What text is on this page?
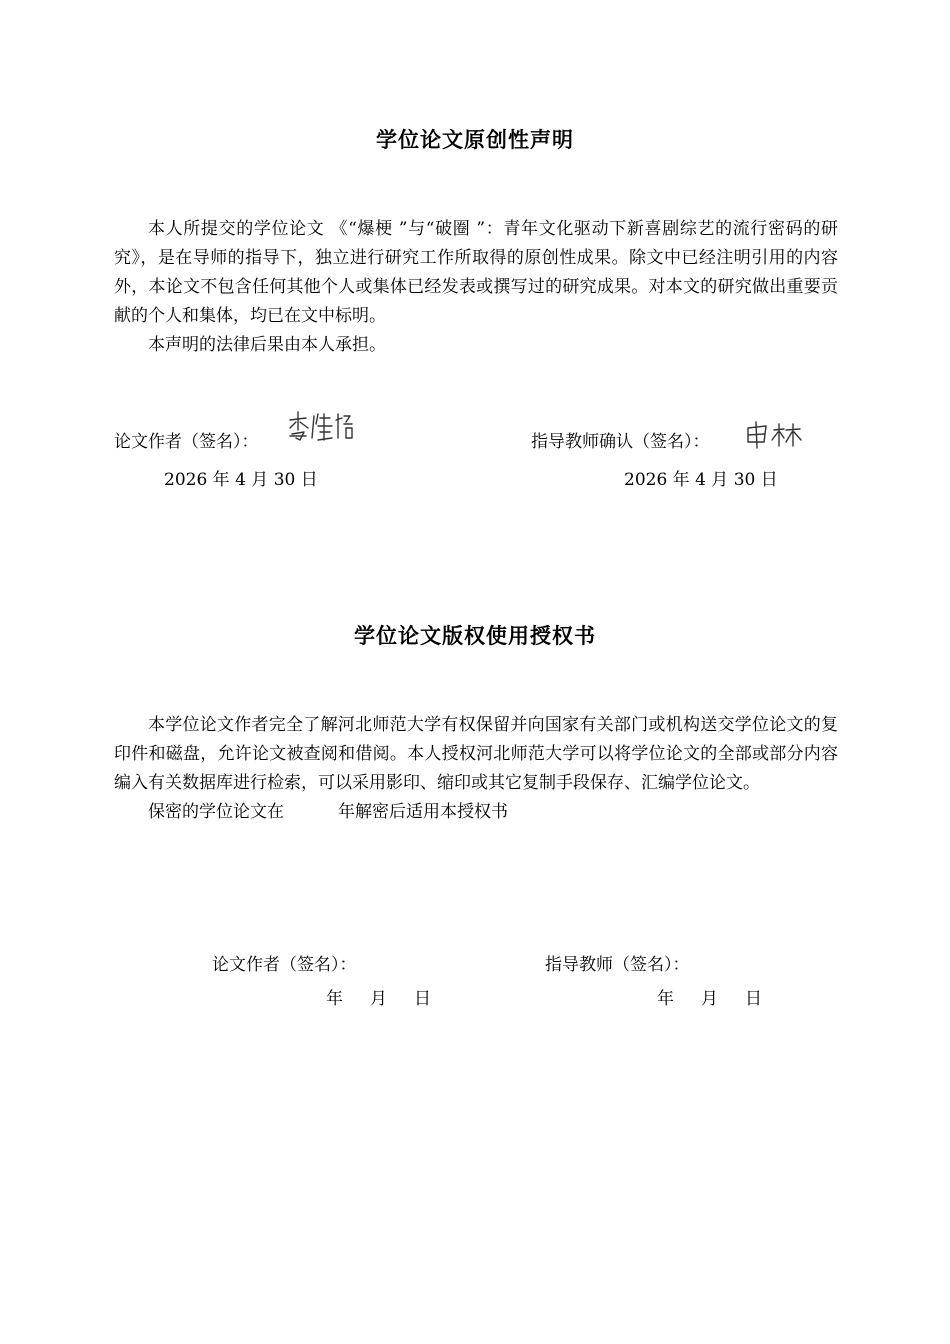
学位论文原创性声明

本人所提交的学位论文 《“爆梗 ”与“破圈 ”：青年文化驱动下新喜剧综艺的流行密码的研究》，是在导师的指导下，独立进行研究工作所取得的原创性成果。除文中已经注明引用的内容外，本论文不包含任何其他个人或集体已经发表或撰写过的研究成果。对本文的研究做出重要贡献的个人和集体，均已在文中标明。

本声明的法律后果由本人承担。

论文作者（签名）：	指导教师确认（签名）：
2026 年 4 月 30 日	2026 年 4 月 30 日
学位论文版权使用授权书

本学位论文作者完全了解河北师范大学有权保留并向国家有关部门或机构送交学位论文的复印件和磁盘，允许论文被查阅和借阅。本人授权河北师范大学可以将学位论文的全部或部分内容编入有关数据库进行检索，可以采用影印、缩印或其它复制手段保存、汇编学位论文。

保密的学位论文在          年解密后适用本授权书

论文作者（签名）：	指导教师（签名）：
年     月     日	年     月     日
